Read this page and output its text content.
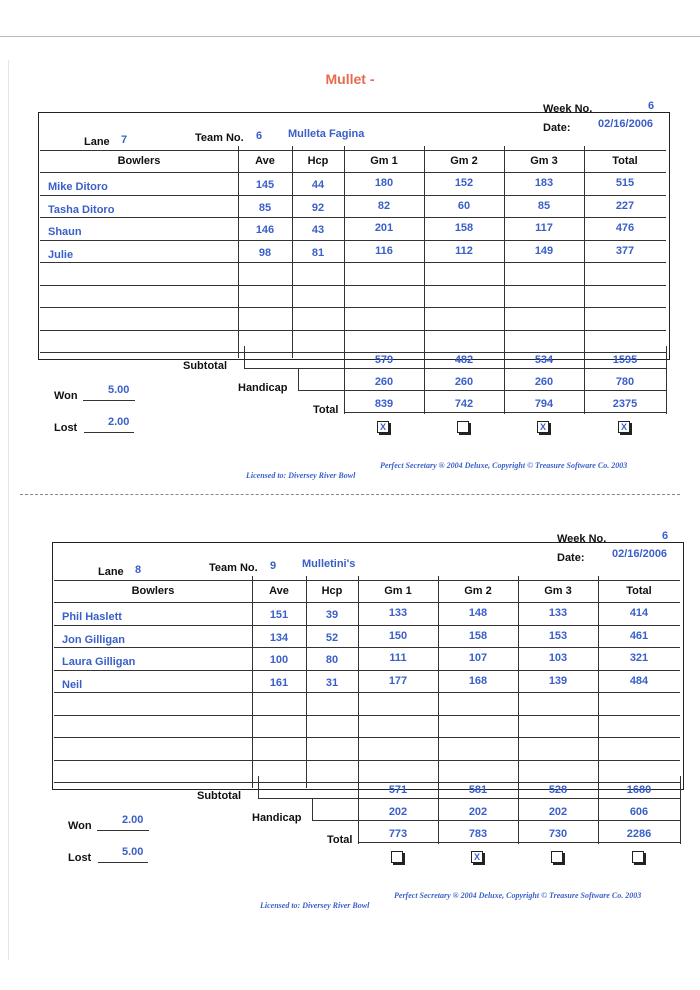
Mullet -
Week No.	6
Date: 02/16/2006
Lane 7	Team No. 6 Mulleta Fagina
Bowlers	Ave	Hcp	Gm 1	Gm 2	Gm 3	Total
Mike Ditoro	145	44	180	152	183	515
Tasha Ditoro	85	92	82	60	85	227
Shaun	146	43	201	158	117	476
Julie	98	81	116	112	149	377
Subtotal	579	482	534	1595
Handicap	260	260	260	780
Total	839	742	794	2375
X	X	X
Won	5.00
Lost	2.00
Licensed to: Diversey River Bowl
Perfect Secretary ® 2004 Deluxe, Copyright © Treasure Software Co. 2003
Week No.	6
Date: 02/16/2006
Lane 8	Team No. 9 Mulletini's
Bowlers	Ave	Hcp	Gm 1	Gm 2	Gm 3	Total
Phil Haslett	151	39	133	148	133	414
Jon Gilligan	134	52	150	158	153	461
Laura Gilligan	100	80	111	107	103	321
Neil	161	31	177	168	139	484
Subtotal	571	581	528	1680
Handicap	202	202	202	606
Total	773	783	730	2286
X
Won	2.00
Lost	5.00
Licensed to: Diversey River Bowl
Perfect Secretary ® 2004 Deluxe, Copyright © Treasure Software Co. 2003
